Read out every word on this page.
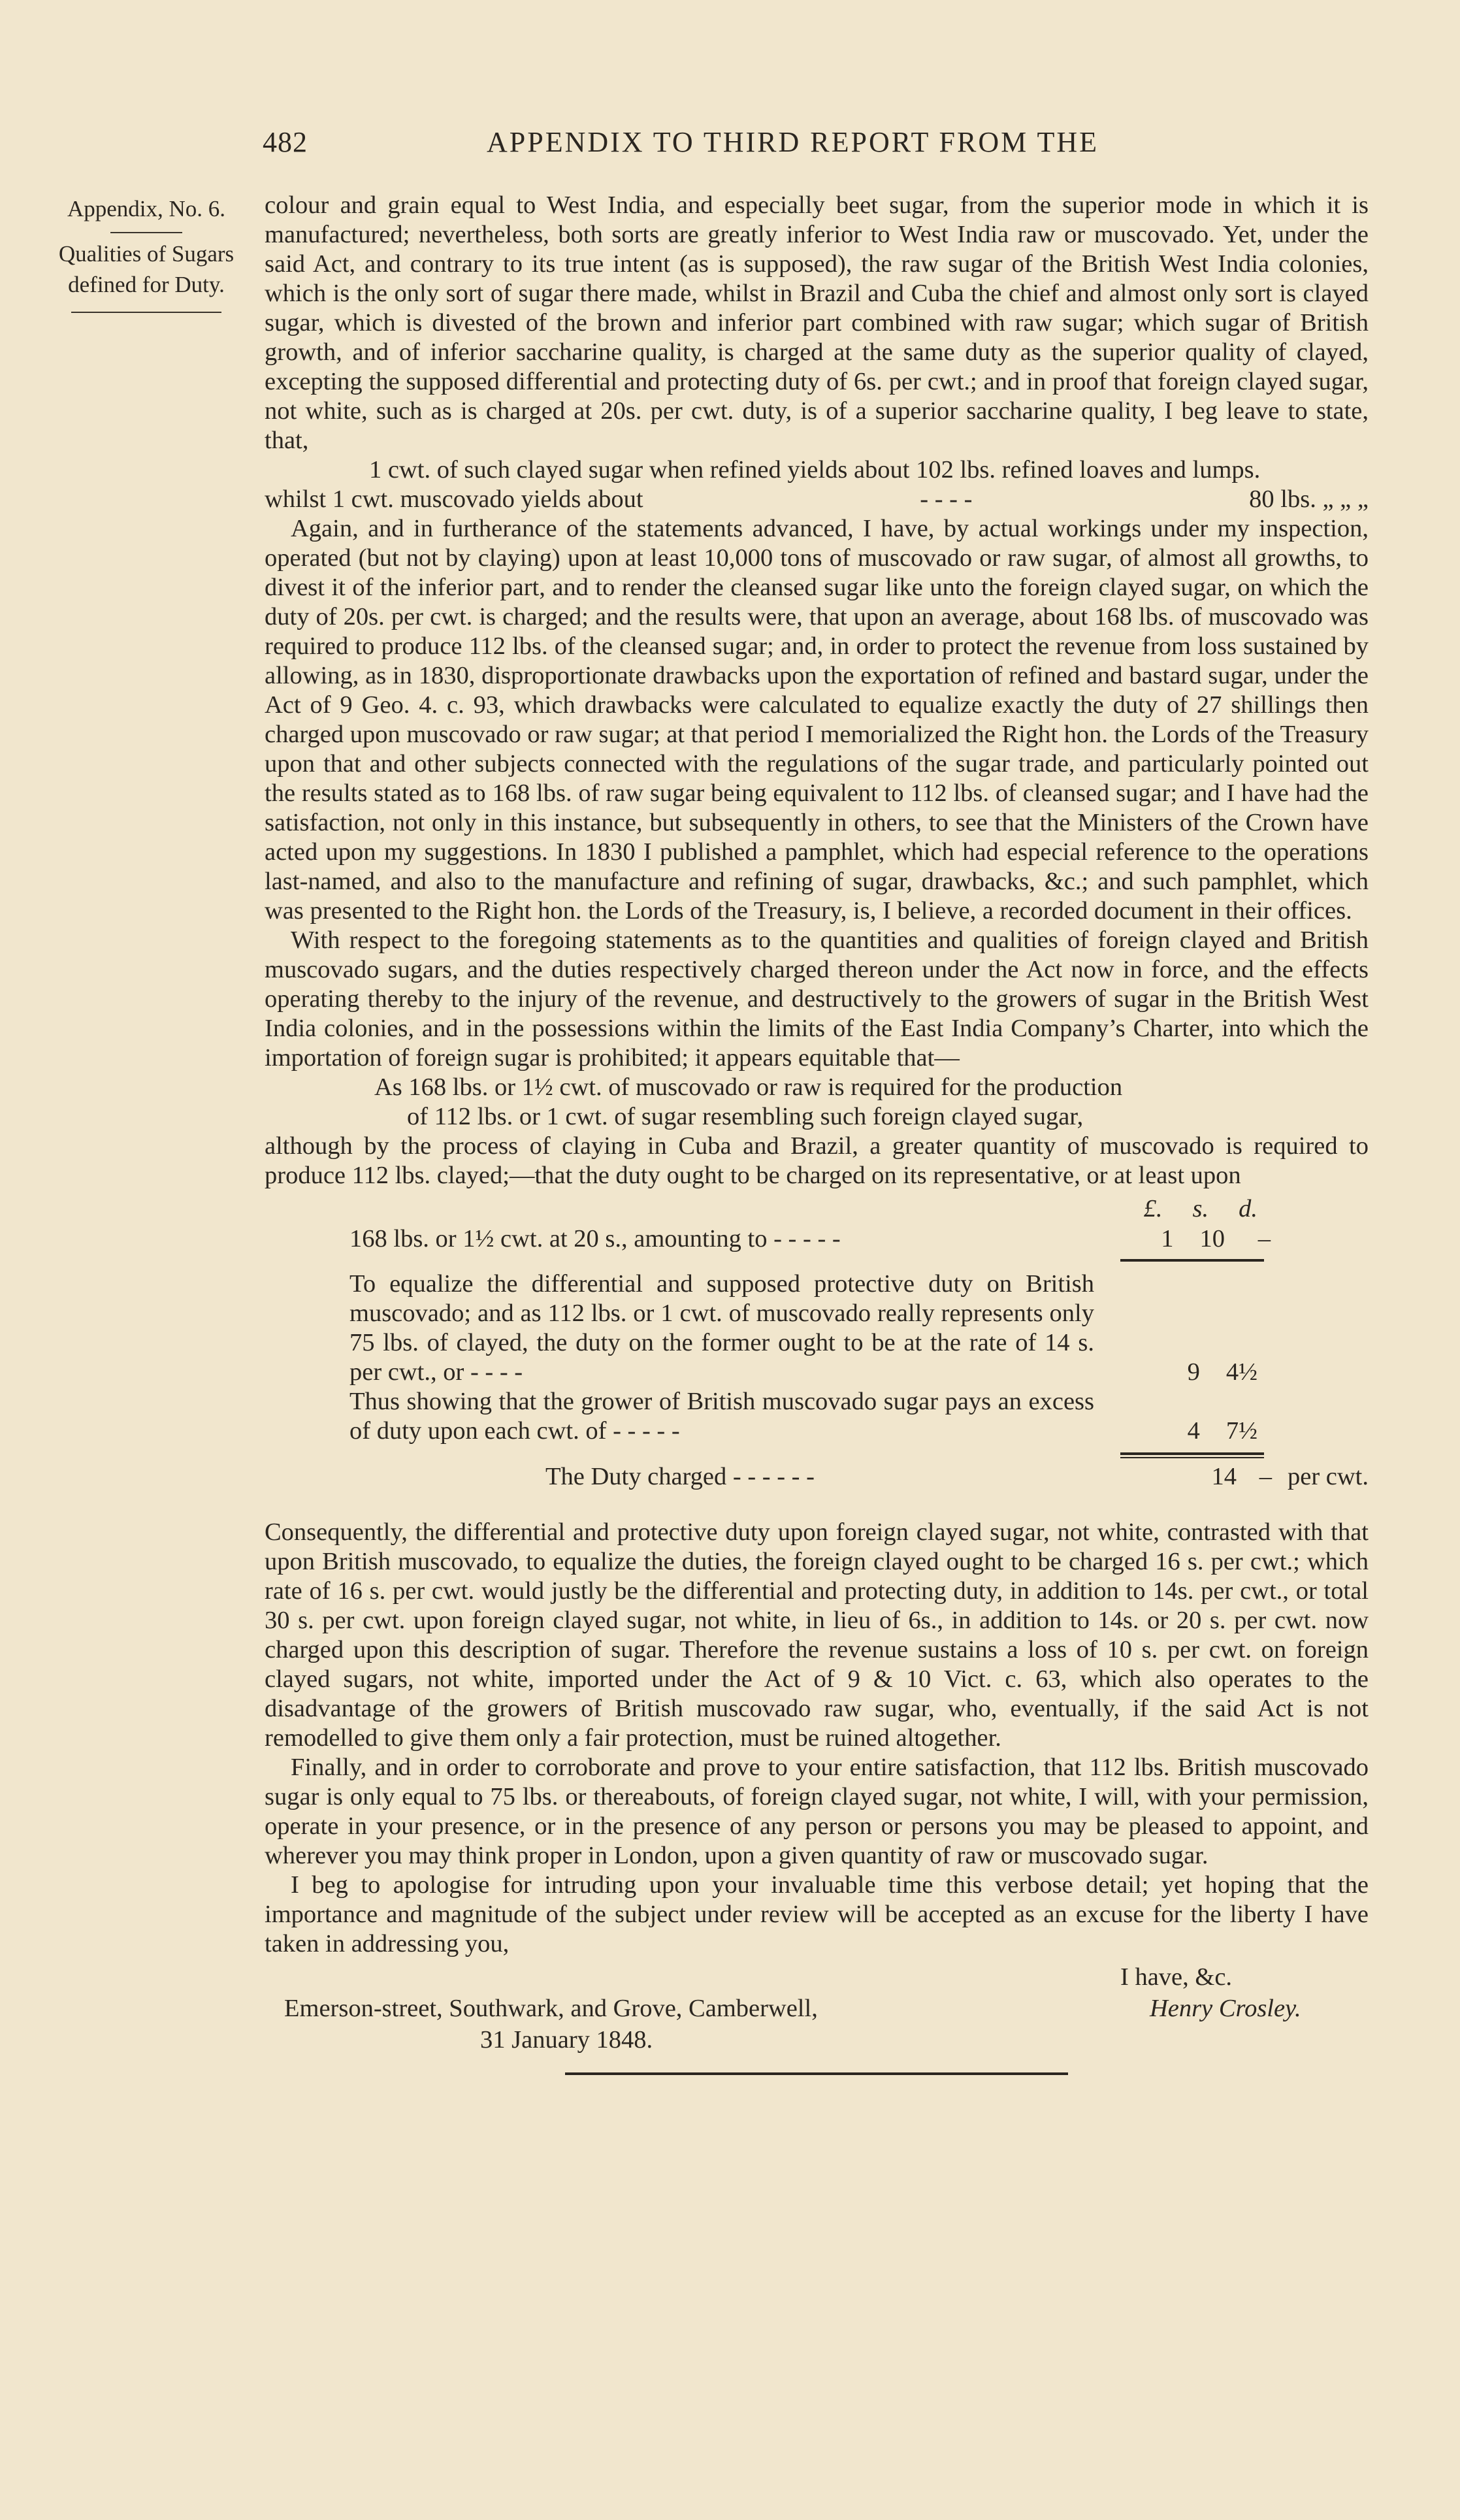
482	APPENDIX TO THIRD REPORT FROM THE
Appendix, No. 6.
Qualities of Sugars
defined for Duty.

colour and grain equal to West India, and especially beet sugar, from the superior mode in which it is manufactured; nevertheless, both sorts are greatly inferior to West India raw or muscovado. Yet, under the said Act, and contrary to its true intent (as is supposed), the raw sugar of the British West India colonies, which is the only sort of sugar there made, whilst in Brazil and Cuba the chief and almost only sort is clayed sugar, which is divested of the brown and inferior part combined with raw sugar; which sugar of British growth, and of inferior saccharine quality, is charged at the same duty as the superior quality of clayed, excepting the supposed differential and protecting duty of 6s. per cwt.; and in proof that foreign clayed sugar, not white, such as is charged at 20s. per cwt. duty, is of a superior saccharine quality, I beg leave to state, that,

1 cwt. of such clayed sugar when refined yields about 102 lbs. refined loaves and lumps.
whilst 1 cwt. muscovado yields about	- - - -	80 lbs. „ „ „

Again, and in furtherance of the statements advanced, I have, by actual workings under my inspection, operated (but not by claying) upon at least 10,000 tons of muscovado or raw sugar, of almost all growths, to divest it of the inferior part, and to render the cleansed sugar like unto the foreign clayed sugar, on which the duty of 20s. per cwt. is charged; and the results were, that upon an average, about 168 lbs. of muscovado was required to produce 112 lbs. of the cleansed sugar; and, in order to protect the revenue from loss sustained by allowing, as in 1830, disproportionate drawbacks upon the exportation of refined and bastard sugar, under the Act of 9 Geo. 4. c. 93, which drawbacks were calculated to equalize exactly the duty of 27 shillings then charged upon muscovado or raw sugar; at that period I memorialized the Right hon. the Lords of the Treasury upon that and other subjects connected with the regulations of the sugar trade, and particularly pointed out the results stated as to 168 lbs. of raw sugar being equivalent to 112 lbs. of cleansed sugar; and I have had the satisfaction, not only in this instance, but subsequently in others, to see that the Ministers of the Crown have acted upon my suggestions. In 1830 I published a pamphlet, which had especial reference to the operations last-named, and also to the manufacture and refining of sugar, drawbacks, &c.; and such pamphlet, which was presented to the Right hon. the Lords of the Treasury, is, I believe, a recorded document in their offices.

With respect to the foregoing statements as to the quantities and qualities of foreign clayed and British muscovado sugars, and the duties respectively charged thereon under the Act now in force, and the effects operating thereby to the injury of the revenue, and destructively to the growers of sugar in the British West India colonies, and in the possessions within the limits of the East India Company’s Charter, into which the importation of foreign sugar is prohibited; it appears equitable that—

As 168 lbs. or 1½ cwt. of muscovado or raw is required for the production
of 112 lbs. or 1 cwt. of sugar resembling such foreign clayed sugar,

although by the process of claying in Cuba and Brazil, a greater quantity of muscovado is required to produce 112 lbs. clayed;—that the duty ought to be charged on its representative, or at least upon

£. s. d.
168 lbs. or 1½ cwt. at 20 s., amounting to - - - - -	1 10 –
To equalize the differential and supposed protective duty on British muscovado; and as 112 lbs. or 1 cwt. of muscovado really represents only 75 lbs. of clayed, the duty on the former ought to be at the rate of 14 s. per cwt., or - - - -	9 4½
Thus showing that the grower of British muscovado sugar pays an excess of duty upon each cwt. of - - - - -	4 7½
The Duty charged - - - - - -	14 – per cwt.

Consequently, the differential and protective duty upon foreign clayed sugar, not white, contrasted with that upon British muscovado, to equalize the duties, the foreign clayed ought to be charged 16 s. per cwt.; which rate of 16 s. per cwt. would justly be the differential and protecting duty, in addition to 14s. per cwt., or total 30 s. per cwt. upon foreign clayed sugar, not white, in lieu of 6s., in addition to 14s. or 20 s. per cwt. now charged upon this description of sugar. Therefore the revenue sustains a loss of 10 s. per cwt. on foreign clayed sugars, not white, imported under the Act of 9 & 10 Vict. c. 63, which also operates to the disadvantage of the growers of British muscovado raw sugar, who, eventually, if the said Act is not remodelled to give them only a fair protection, must be ruined altogether.

Finally, and in order to corroborate and prove to your entire satisfaction, that 112 lbs. British muscovado sugar is only equal to 75 lbs. or thereabouts, of foreign clayed sugar, not white, I will, with your permission, operate in your presence, or in the presence of any person or persons you may be pleased to appoint, and wherever you may think proper in London, upon a given quantity of raw or muscovado sugar.

I beg to apologise for intruding upon your invaluable time this verbose detail; yet hoping that the importance and magnitude of the subject under review will be accepted as an excuse for the liberty I have taken in addressing you,

I have, &c.
Emerson-street, Southwark, and Grove, Camberwell,	Henry Crosley.
31 January 1848.
